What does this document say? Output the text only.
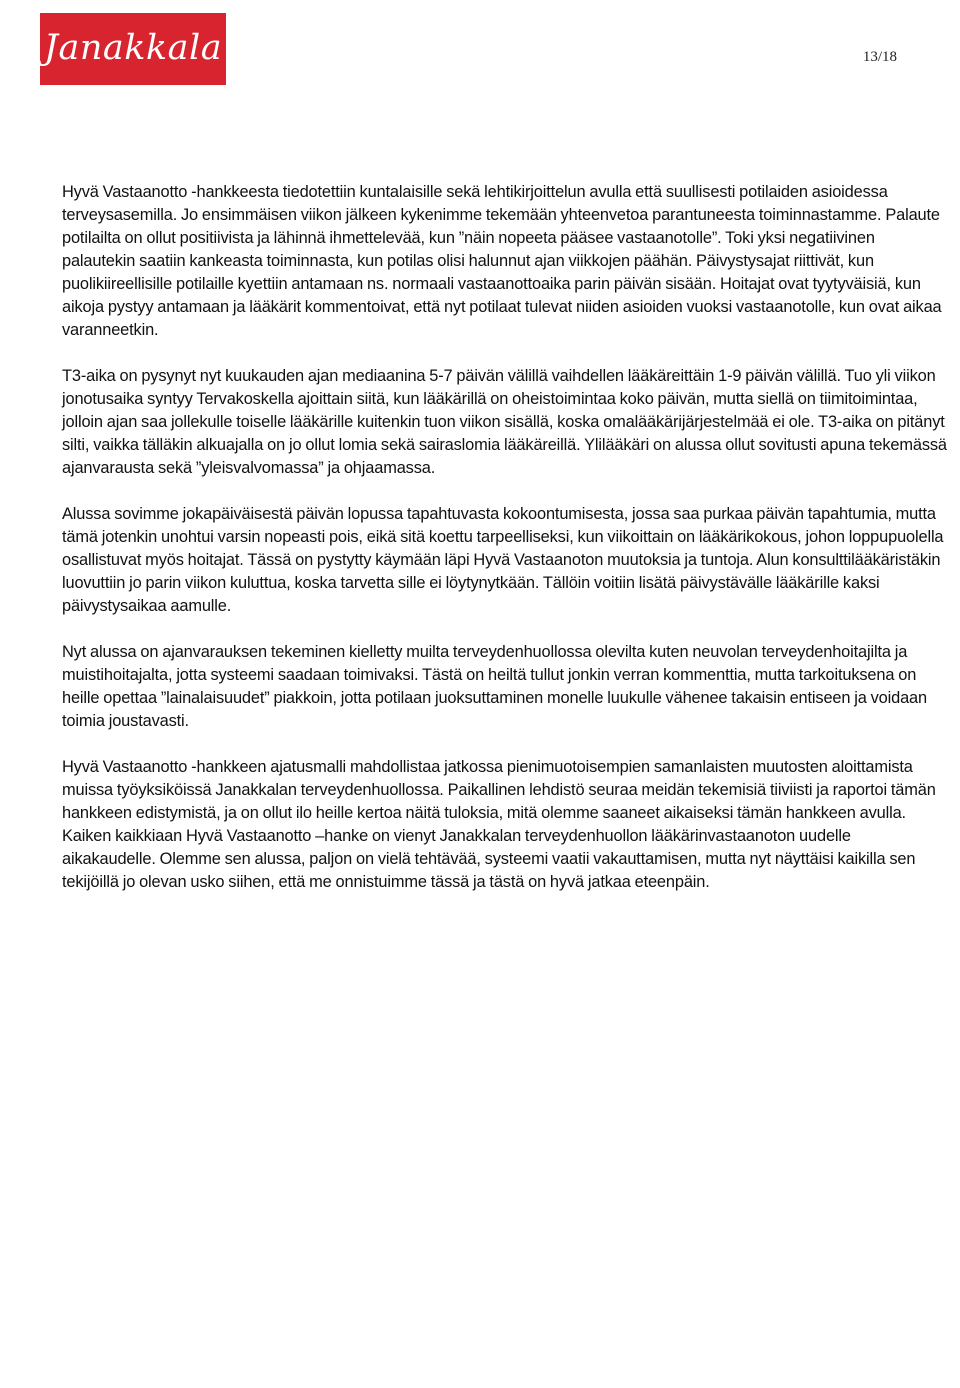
Janakkala	13/18

Hyvä Vastaanotto -hankkeesta tiedotettiin kuntalaisille sekä lehtikirjoittelun avulla että suullisesti potilaiden asioidessa terveysasemilla. Jo ensimmäisen viikon jälkeen kykenimme tekemään yhteenvetoa parantuneesta toiminnastamme. Palaute potilailta on ollut positiivista ja lähinnä ihmettelevää, kun ”näin nopeeta pääsee vastaanotolle”. Toki yksi negatiivinen palautekin saatiin kankeasta toiminnasta, kun potilas olisi halunnut ajan viikkojen päähän. Päivystysajat riittivät, kun puolikiireellisille potilaille kyettiin antamaan ns. normaali vastaanottoaika parin päivän sisään. Hoitajat ovat tyytyväisiä, kun aikoja pystyy antamaan ja lääkärit kommentoivat, että nyt potilaat tulevat niiden asioiden vuoksi vastaanotolle, kun ovat aikaa varanneetkin.

T3-aika on pysynyt nyt kuukauden ajan mediaanina 5-7 päivän välillä vaihdellen lääkäreittäin 1-9 päivän välillä. Tuo yli viikon jonotusaika syntyy Tervakoskella ajoittain siitä, kun lääkärillä on oheistoimintaa koko päivän, mutta siellä on tiimitoimintaa, jolloin ajan saa jollekulle toiselle lääkärille kuitenkin tuon viikon sisällä, koska omalääkärijärjestelmää ei ole. T3-aika on pitänyt silti, vaikka tälläkin alkuajalla on jo ollut lomia sekä sairaslomia lääkäreillä. Ylilääkäri on alussa ollut sovitusti apuna tekemässä ajanvarausta sekä ”yleisvalvomassa” ja ohjaamassa.

Alussa sovimme jokapäiväisestä päivän lopussa tapahtuvasta kokoontumisesta, jossa saa purkaa päivän tapahtumia, mutta tämä jotenkin unohtui varsin nopeasti pois, eikä sitä koettu tarpeelliseksi, kun viikoittain on lääkärikokous, johon loppupuolella osallistuvat myös hoitajat. Tässä on pystytty käymään läpi Hyvä Vastaanoton muutoksia ja tuntoja. Alun konsulttilääkäristäkin luovuttiin jo parin viikon kuluttua, koska tarvetta sille ei löytynytkään. Tällöin voitiin lisätä päivystävälle lääkärille kaksi päivystysaikaa aamulle.

Nyt alussa on ajanvarauksen tekeminen kielletty muilta terveydenhuollossa olevilta kuten neuvolan terveydenhoitajilta ja muistihoitajalta, jotta systeemi saadaan toimivaksi. Tästä on heiltä tullut jonkin verran kommenttia, mutta tarkoituksena on heille opettaa ”lainalaisuudet” piakkoin, jotta potilaan juoksuttaminen monelle luukulle vähenee takaisin entiseen ja voidaan toimia joustavasti.

Hyvä Vastaanotto -hankkeen ajatusmalli mahdollistaa jatkossa pienimuotoisempien samanlaisten muutosten aloittamista muissa työyksiköissä Janakkalan terveydenhuollossa. Paikallinen lehdistö seuraa meidän tekemisiä tiiviisti ja raportoi tämän hankkeen edistymistä, ja on ollut ilo heille kertoa näitä tuloksia, mitä olemme saaneet aikaiseksi tämän hankkeen avulla. Kaiken kaikkiaan Hyvä Vastaanotto –hanke on vienyt Janakkalan terveydenhuollon lääkärinvastaanoton uudelle aikakaudelle. Olemme sen alussa, paljon on vielä tehtävää, systeemi vaatii vakauttamisen, mutta nyt näyttäisi kaikilla sen tekijöillä jo olevan usko siihen, että me onnistuimme tässä ja tästä on hyvä jatkaa eteenpäin.
